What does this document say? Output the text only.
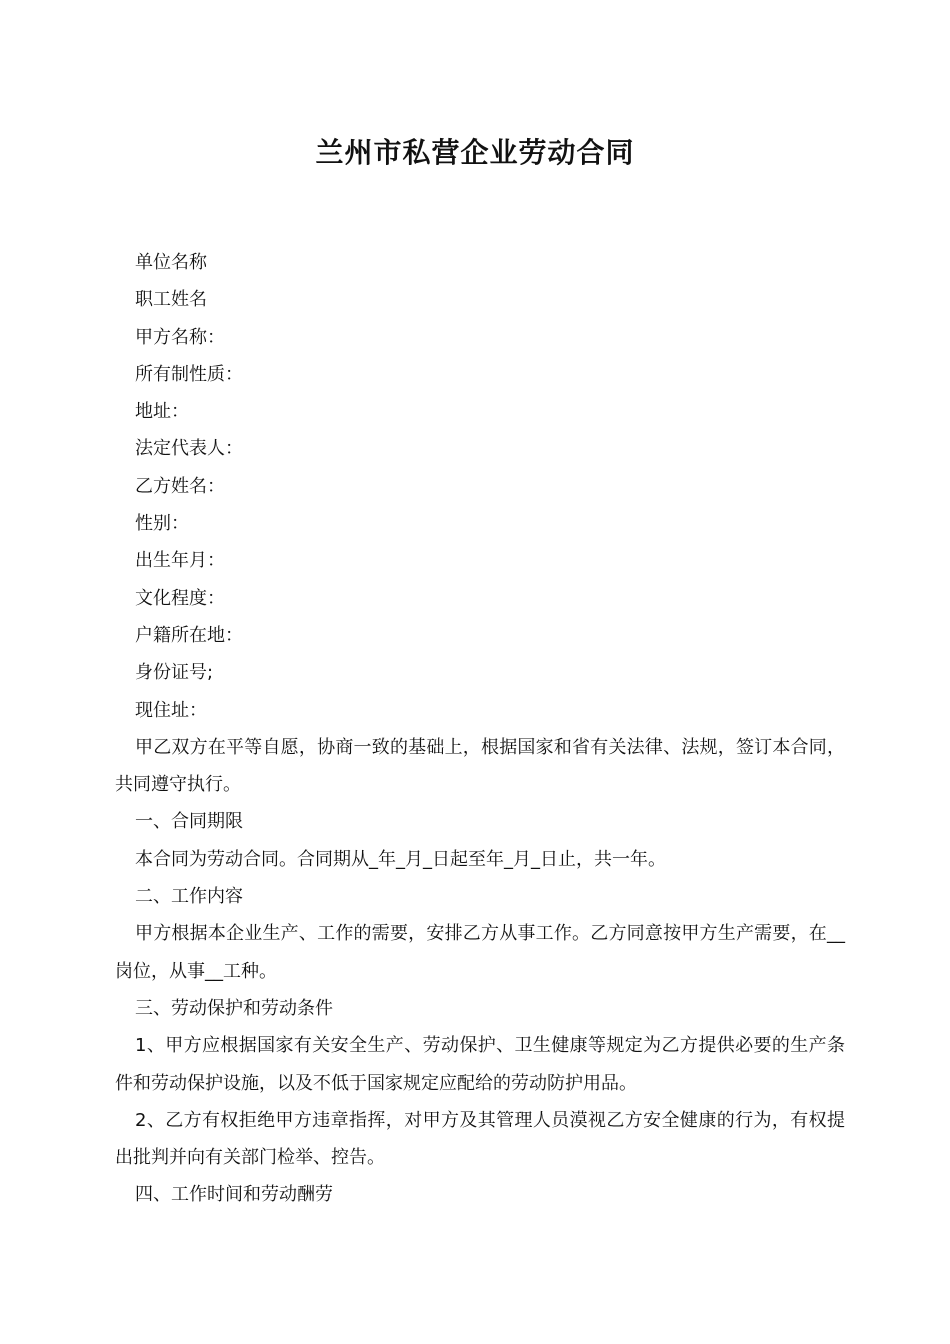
兰州市私营企业劳动合同

单位名称

职工姓名

甲方名称：

所有制性质：

地址：

法定代表人：

乙方姓名：

性别：

出生年月：

文化程度：

户籍所在地：

身份证号;

现住址：

甲乙双方在平等自愿，协商一致的基础上，根据国家和省有关法律、法规，签订本合同，共同遵守执行。

一、合同期限

本合同为劳动合同。合同期从_年_月_日起至年_月_日止，共一年。

二、工作内容

甲方根据本企业生产、工作的需要，安排乙方从事工作。乙方同意按甲方生产需要，在__岗位，从事__工种。

三、劳动保护和劳动条件

1、甲方应根据国家有关安全生产、劳动保护、卫生健康等规定为乙方提供必要的生产条件和劳动保护设施，以及不低于国家规定应配给的劳动防护用品。

2、乙方有权拒绝甲方违章指挥，对甲方及其管理人员漠视乙方安全健康的行为，有权提出批判并向有关部门检举、控告。

四、工作时间和劳动酬劳
